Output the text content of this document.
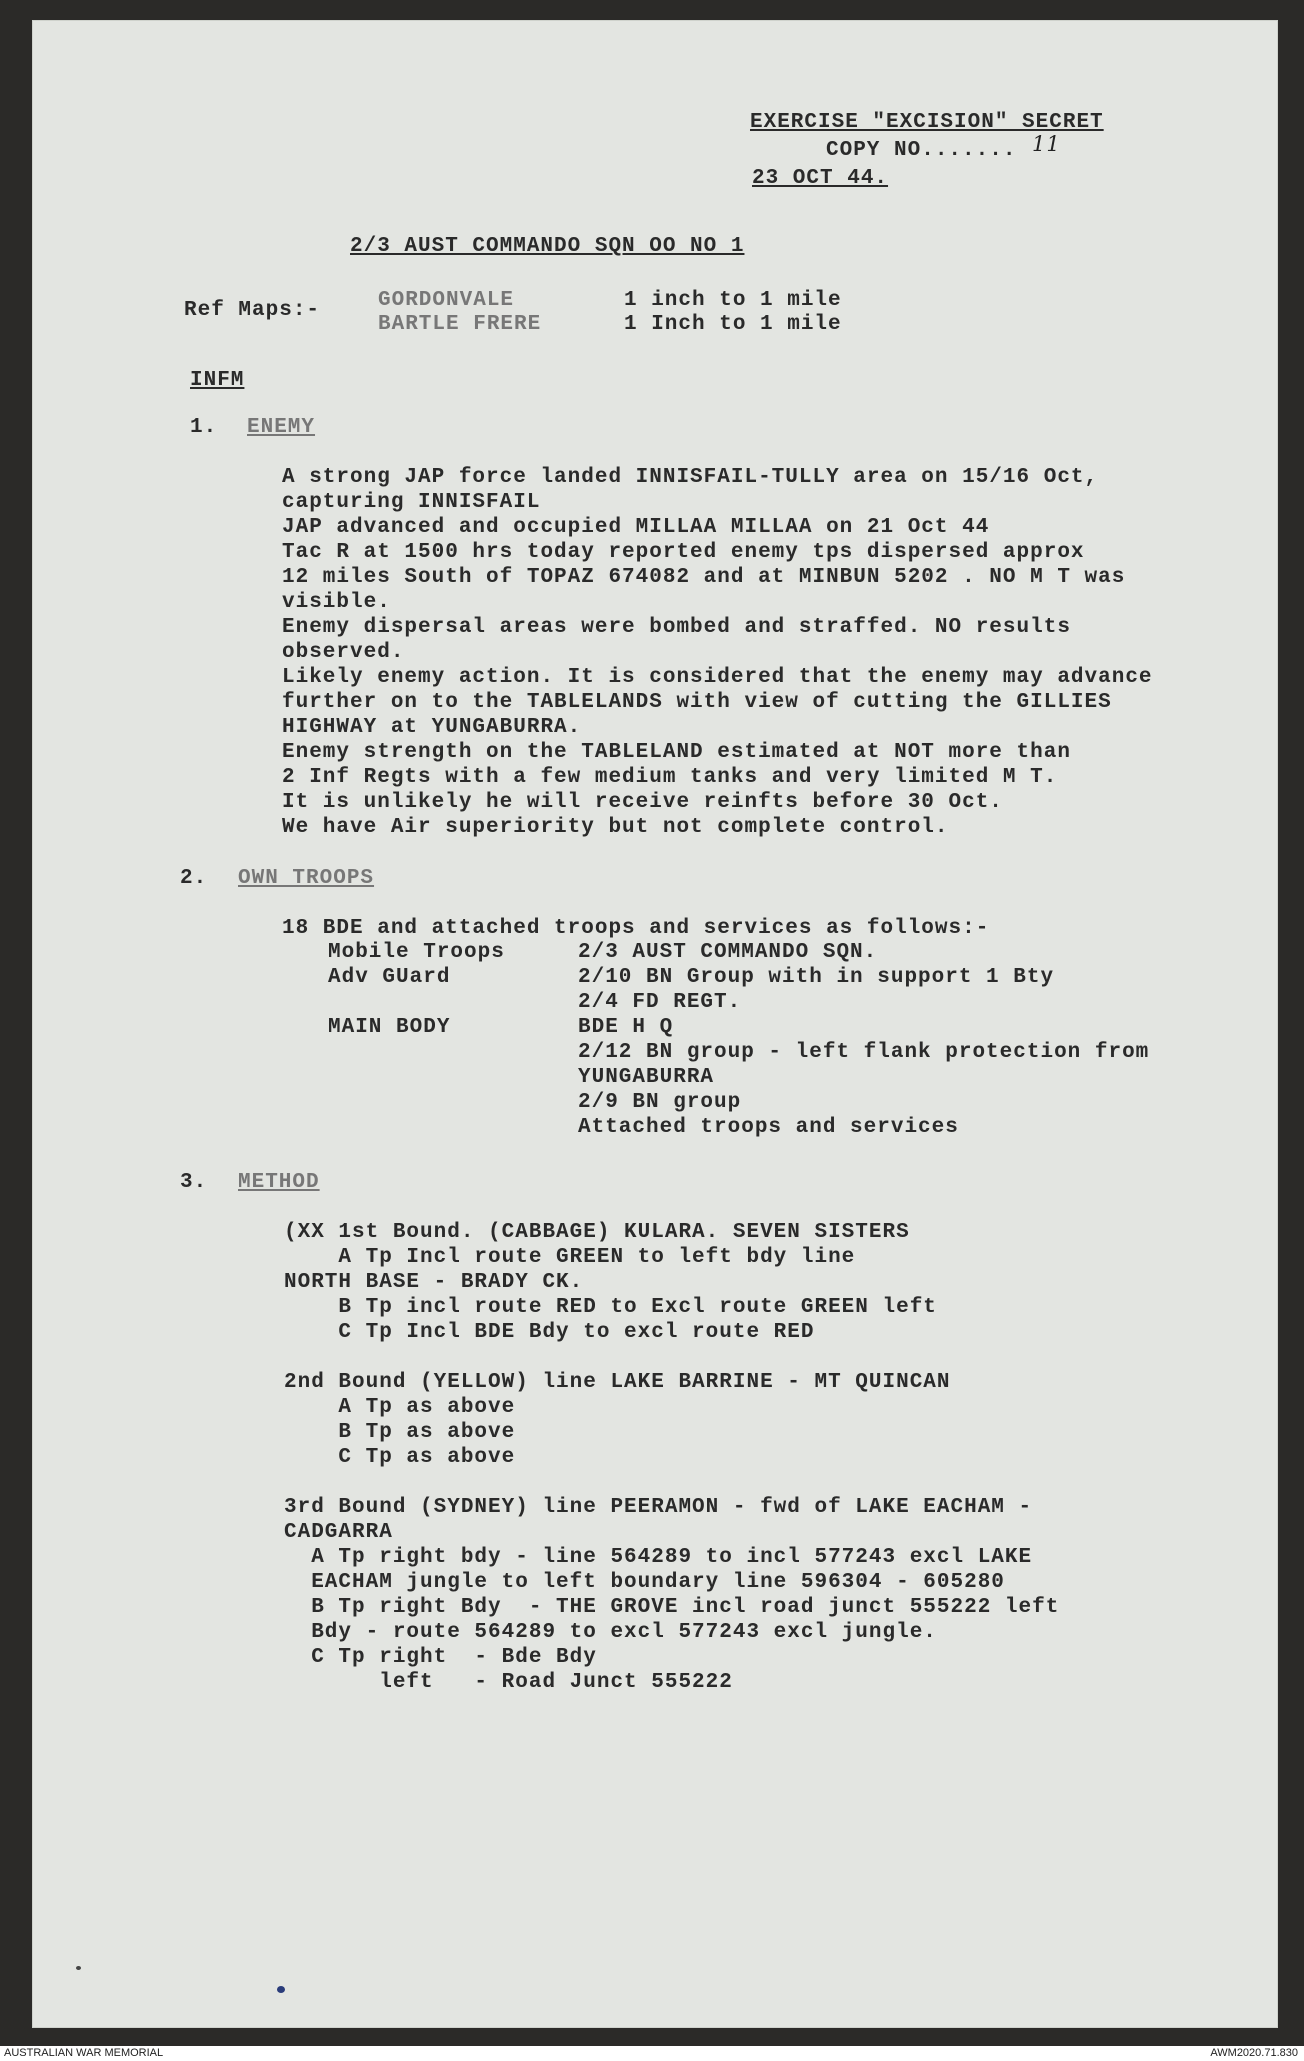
EXERCISE "EXCISION" SECRET
COPY NO....... 11
23 OCT 44.
2/3 AUST COMMANDO SQN OO NO 1
Ref Maps:-	GORDONVALE	1 inch to 1 mile
BARTLE FRERE	1 Inch to 1 mile
INFM
1. ENEMY
A strong JAP force landed INNISFAIL-TULLY area on 15/16 Oct,
capturing INNISFAIL
JAP advanced and occupied MILLAA MILLAA on 21 Oct 44
Tac R at 1500 hrs today reported enemy tps dispersed approx
12 miles South of TOPAZ 674082 and at MINBUN 5202 . NO M T was
visible.
Enemy dispersal areas were bombed and straffed. NO results
observed.
Likely enemy action. It is considered that the enemy may advance
further on to the TABLELANDS with view of cutting the GILLIES
HIGHWAY at YUNGABURRA.
Enemy strength on the TABLELAND estimated at NOT more than
2 Inf Regts with a few medium tanks and very limited M T.
It is unlikely he will receive reinfts before 30 Oct.
We have Air superiority but not complete control.
2. OWN TROOPS
18 BDE and attached troops and services as follows:-
Mobile Troops	2/3 AUST COMMANDO SQN.
Adv GUard	2/10 BN Group with in support 1 Bty
2/4 FD REGT.
MAIN BODY	BDE H Q
2/12 BN group - left flank protection from
YUNGABURRA
2/9 BN group
Attached troops and services
3. METHOD
(XX 1st Bound. (CABBAGE) KULARA. SEVEN SISTERS
A Tp Incl route GREEN to left bdy line
NORTH BASE - BRADY CK.
B Tp incl route RED to Excl route GREEN left
C Tp Incl BDE Bdy to excl route RED
2nd Bound (YELLOW) line LAKE BARRINE - MT QUINCAN
A Tp as above
B Tp as above
C Tp as above
3rd Bound (SYDNEY) line PEERAMON - fwd of LAKE EACHAM -
CADGARRA
A Tp right bdy - line 564289 to incl 577243 excl LAKE
EACHAM jungle to left boundary line 596304 - 605280
B Tp right Bdy  - THE GROVE incl road junct 555222 left
Bdy - route 564289 to excl 577243 excl jungle.
C Tp right  - Bde Bdy
left   - Road Junct 555222
AUSTRALIAN WAR MEMORIAL	AWM2020.71.830
